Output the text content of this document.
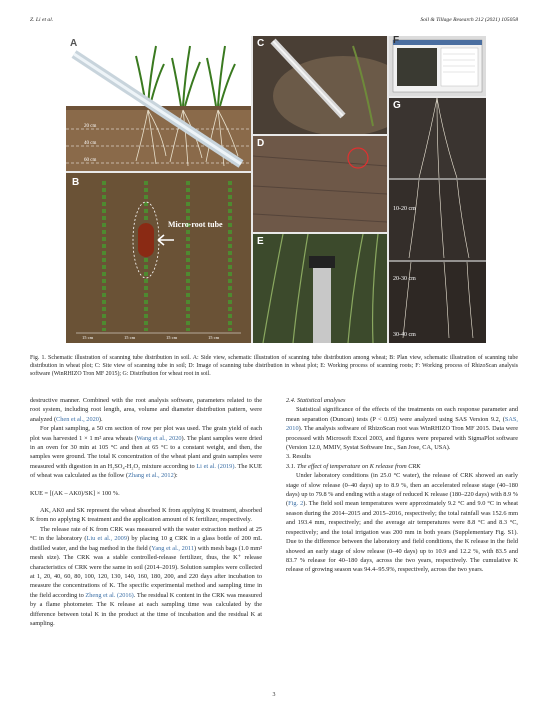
Z. Li et al.	Soil & Tillage Research 212 (2021) 105058
A
20 cm
40 cm
60 cm
B
Micro-root tube
15 cm	15 cm	15 cm	15 cm
C	F
D
E
G
10-20 cm
20-30 cm
30-40 cm
Fig. 1. Schematic illustration of scanning tube distribution in soil. A: Side view, schematic illustration of scanning tube distribution among wheat; B: Plan view, schematic illustration of scanning tube distribution in wheat plot; C: Site view of scanning tube in soil; D: Image of scanning tube distribution in wheat plot; E: Working process of scanning roots; F: Working process of RhizoScan analysis software (WinRHIZO Tron MF 2015); G: Distribution for wheat root in soil.

destructive manner. Combined with the root analysis software, parameters related to the root system, including root length, area, volume and diameter distribution pattern, were analyzed (Chen et al., 2020).

For plant sampling, a 50 cm section of row per plot was used. The grain yield of each plot was harvested 1 × 1 m² area wheats (Wang et al., 2020). The plant samples were dried in an oven for 30 min at 105 °C and then at 65 °C to a constant weight, and then, the samples were ground. The total K concentration of the wheat plant and grain samples were measured with digestion in an H₂SO₄-H₂O₂ mixture according to Li et al. (2019). The KUE of wheat was calculated as the follow (Zhang et al., 2012):

KUE = [(AK – AK0)/SK] × 100 %.

AK, AK0 and SK represent the wheat absorbed K from applying K treatment, absorbed K from no applying K treatment and the application amount of K fertilizer, respectively.

The release rate of K from CRK was measured with the water extraction method at 25 °C in the laboratory (Liu et al., 2009) by placing 10 g CRK in a glass bottle of 200 mL distilled water, and the bag method in the field (Yang et al., 2011) with mesh bags (1.0 mm² mesh size). The CRK was a stable controlled-release fertilizer, thus, the K⁺ release characteristics of CRK were the same in soil (2014–2019). Solution samples were collected at 1, 20, 40, 60, 80, 100, 120, 130, 140, 160, 180, 200, and 220 days after incubation to measure the concentrations of K. The specific experimental method and sampling time in the field according to Zheng et al. (2016). The residual K content in the CRK was measured by a flame photometer. The K release at each sampling time was calculated by the difference between total K in the product at the time of incubation and the residual K at sampling.

2.4. Statistical analyses

Statistical significance of the effects of the treatments on each response parameter and mean separation (Duncan) tests (P < 0.05) were analyzed using SAS Version 9.2, (SAS, 2010). The analysis software of RhizoScan root was WinRHIZO Tron MF 2015. Data were processed with Microsoft Excel 2003, and figures were prepared with SigmaPlot software (Version 12.0, MMIV, Systat Software Inc., San Jose, CA, USA).

3. Results

3.1. The effect of temperature on K release from CRK

Under laboratory conditions (in 25.0 °C water), the release of CRK showed an early stage of slow release (0–40 days) up to 8.9 %, then an accelerated release stage (40–180 days) up to 79.8 % and ending with a stage of reduced K release (180–220 days) with 8.9 % (Fig. 2). The field soil mean temperatures were approximately 9.2 °C and 9.0 °C in wheat season during the 2014–2015 and 2015–2016, respectively; the total rainfall was 152.6 mm and 193.4 mm, respectively; and the average air temperatures were 8.8 °C and 8.3 °C, respectively; and the total irrigation was 200 mm in both years (Supplementary Fig. S1). Due to the difference between the laboratory and field conditions, the K release in the field showed an early stage of slow release (0–40 days) up to 10.9 and 12.2 %, with 83.5 and 83.7 % release for 40–180 days, across the two years, respectively. The cumulative K release of growing season was 94.4–95.9%, respectively, across the two years.

3
